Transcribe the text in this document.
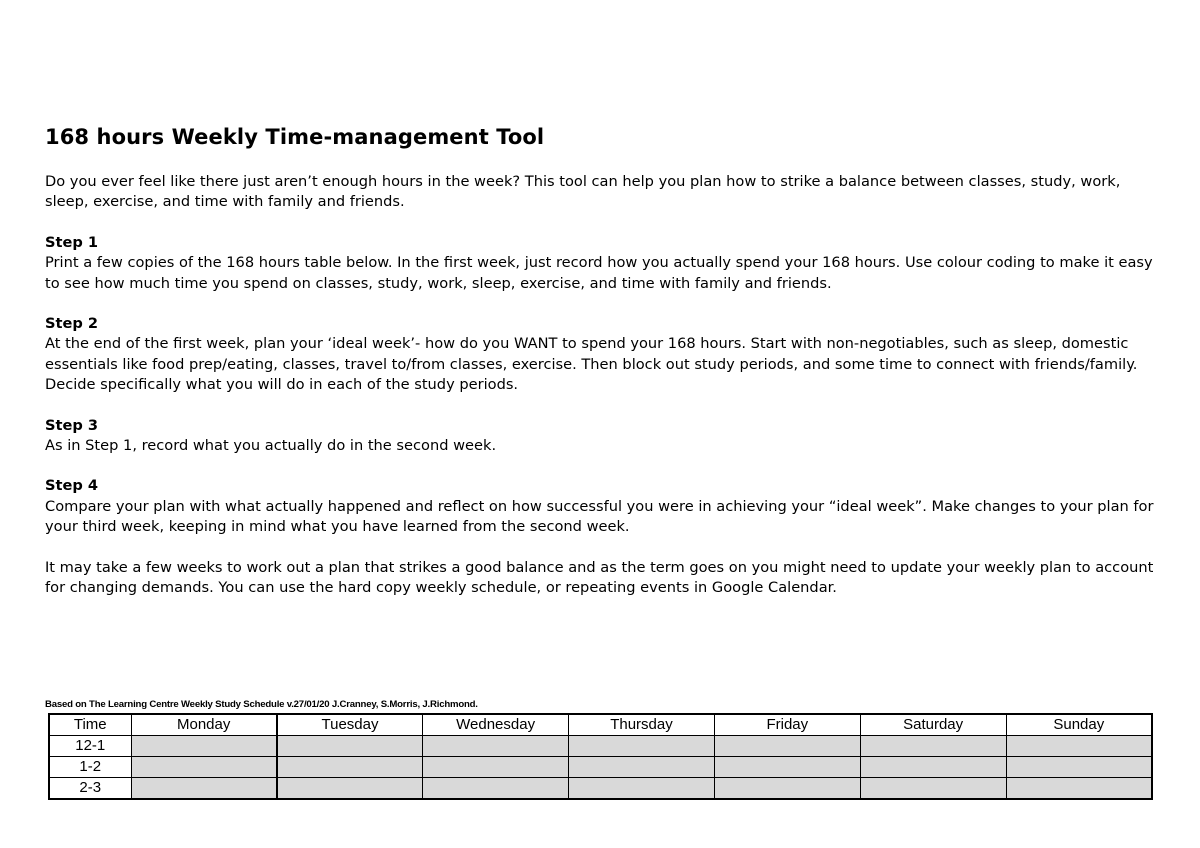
168 hours Weekly Time-management Tool

Do you ever feel like there just aren’t enough hours in the week? This tool can help you plan how to strike a balance between classes, study, work, sleep, exercise, and time with family and friends.

Step 1
Print a few copies of the 168 hours table below. In the first week, just record how you actually spend your 168 hours. Use colour coding to make it easy to see how much time you spend on classes, study, work, sleep, exercise, and time with family and friends.

Step 2
At the end of the first week, plan your ‘ideal week’- how do you WANT to spend your 168 hours. Start with non-negotiables, such as sleep, domestic essentials like food prep/eating, classes, travel to/from classes, exercise. Then block out study periods, and some time to connect with friends/family. Decide specifically what you will do in each of the study periods.

Step 3
As in Step 1, record what you actually do in the second week.

Step 4
Compare your plan with what actually happened and reflect on how successful you were in achieving your “ideal week”. Make changes to your plan for your third week, keeping in mind what you have learned from the second week.

It may take a few weeks to work out a plan that strikes a good balance and as the term goes on you might need to update your weekly plan to account for changing demands. You can use the hard copy weekly schedule, or repeating events in Google Calendar.

Based on The Learning Centre Weekly Study Schedule v.27/01/20 J.Cranney, S.Morris, J.Richmond.
Time	Monday	Tuesday	Wednesday	Thursday	Friday	Saturday	Sunday
12-1							
1-2							
2-3							
